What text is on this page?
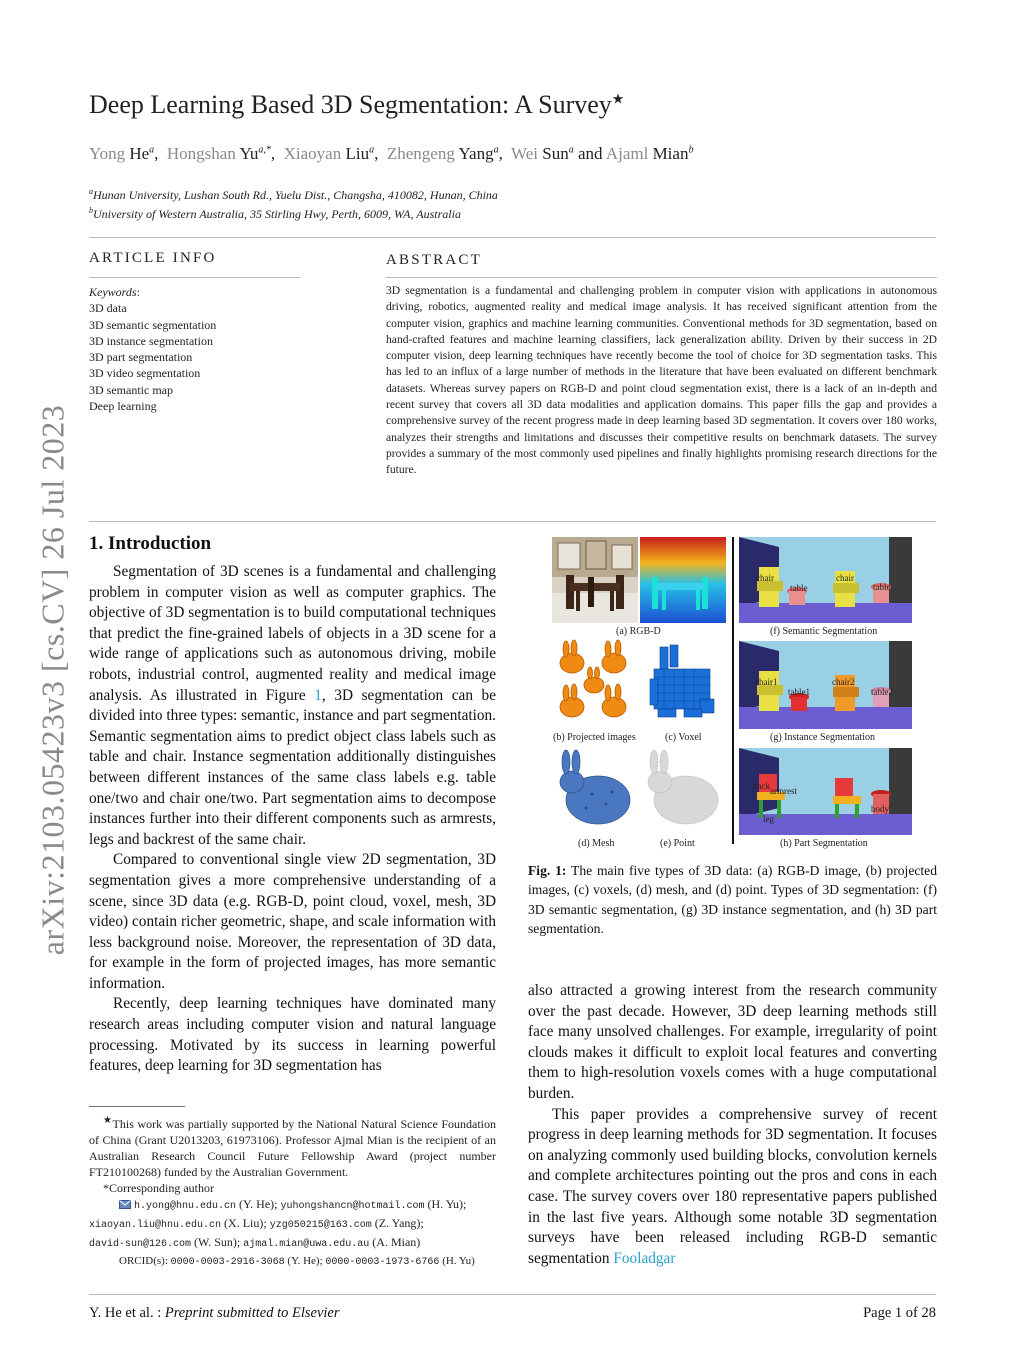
arXiv:2103.05423v3 [cs.CV] 26 Jul 2023
Deep Learning Based 3D Segmentation: A Survey★
Yong He$^a$,  Hongshan $Yu^{a,*}$,  Xiaoyan Liu$^a$,  Zhengeng Yang$^a$,  Wei Sun$^a$ and Ajaml Mian$^b$
$^a$Hunan University, Lushan South Rd., Yuelu Dist., Changsha, 410082, Hunan, China
$^b$University of Western Australia, 35 Stirling Hwy, Perth, 6009, WA, Australia
ARTICLE INFO
Keywords:
3D data
3D semantic segmentation
3D instance segmentation
3D part segmentation
3D video segmentation
3D semantic map
Deep learning
ABSTRACT
3D segmentation is a fundamental and challenging problem in computer vision with applications in autonomous driving, robotics, augmented reality and medical image analysis. It has received significant attention from the computer vision, graphics and machine learning communities. Conventional methods for 3D segmentation, based on hand-crafted features and machine learning classifiers, lack generalization ability. Driven by their success in 2D computer vision, deep learning techniques have recently become the tool of choice for 3D segmentation tasks. This has led to an influx of a large number of methods in the literature that have been evaluated on different benchmark datasets. Whereas survey papers on RGB-D and point cloud segmentation exist, there is a lack of an in-depth and recent survey that covers all 3D data modalities and application domains. This paper fills the gap and provides a comprehensive survey of the recent progress made in deep learning based 3D segmentation. It covers over 180 works, analyzes their strengths and limitations and discusses their competitive results on benchmark datasets. The survey provides a summary of the most commonly used pipelines and finally highlights promising research directions for the future.
1. Introduction

Segmentation of 3D scenes is a fundamental and challenging problem in computer vision as well as computer graphics. The objective of 3D segmentation is to build computational techniques that predict the fine-grained labels of objects in a 3D scene for a wide range of applications such as autonomous driving, mobile robots, industrial control, augmented reality and medical image analysis. As illustrated in Figure 1, 3D segmentation can be divided into three types: semantic, instance and part segmentation. Semantic segmentation aims to predict object class labels such as table and chair. Instance segmentation additionally distinguishes between different instances of the same class labels e.g. table one/two and chair one/two. Part segmentation aims to decompose instances further into their different components such as armrests, legs and backrest of the same chair.

Compared to conventional single view 2D segmentation, 3D segmentation gives a more comprehensive understanding of a scene, since 3D data (e.g. RGB-D, point cloud, voxel, mesh, 3D video) contain richer geometric, shape, and scale information with less background noise. Moreover, the representation of 3D data, for example in the form of projected images, has more semantic information.

Recently, deep learning techniques have dominated many research areas including computer vision and natural language processing. Motivated by its success in learning powerful features, deep learning for 3D segmentation has

★This work was partially supported by the National Natural Science Foundation of China (Grant U2013203, 61973106). Professor Ajmal Mian is the recipient of an Australian Research Council Future Fellowship Award (project number FT210100268) funded by the Australian Government.

*Corresponding author

h.yong@hnu.edu.cn (Y. He); yuhongshancn@hotmail.com (H. Yu);

xiaoyan.liu@hnu.edu.cn (X. Liu); yzg050215@163.com (Z. Yang);

david-sun@126.com (W. Sun); ajmal.mian@uwa.edu.au (A. Mian)

ORCID(s): 0000-0003-2916-3068 (Y. He); 0000-0003-1973-6766 (H. Yu)

(a) RGB-D
(b) Projected images	(c) Voxel
(d) Mesh	(e) Point
chair
table
chair
table
(f) Semantic Segmentation
chair1
table1
chair2
table2
(g) Instance Segmentation
back armrest
leg
body
(h) Part Segmentation
Fig. 1: The main five types of 3D data: (a) RGB-D image, (b) projected images, (c) voxels, (d) mesh, and (d) point. Types of 3D segmentation: (f) 3D semantic segmentation, (g) 3D instance segmentation, and (h) 3D part segmentation.

also attracted a growing interest from the research community over the past decade. However, 3D deep learning methods still face many unsolved challenges. For example, irregularity of point clouds makes it difficult to exploit local features and converting them to high-resolution voxels comes with a huge computational burden.

This paper provides a comprehensive survey of recent progress in deep learning methods for 3D segmentation. It focuses on analyzing commonly used building blocks, convolution kernels and complete architectures pointing out the pros and cons in each case. The survey covers over 180 representative papers published in the last five years. Although some notable 3D segmentation surveys have been released including RGB-D semantic segmentation Fooladgar

Y. He et al. : Preprint submitted to Elsevier	Page 1 of 28
